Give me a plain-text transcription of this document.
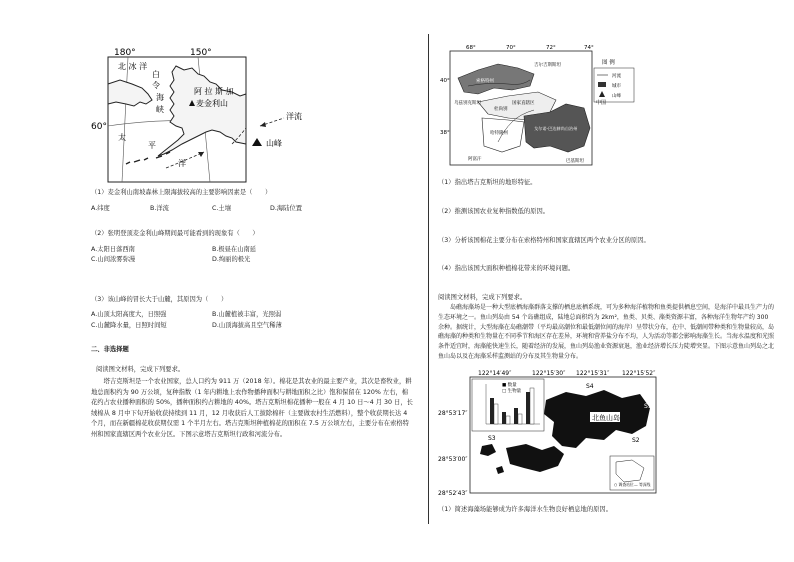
180°	150°
60°
北 冰 洋
白
令
海
峡
阿 拉 斯 加
麦金利山
太
平
洋
洋流
山峰
（1）麦金利山南坡森林上限海拔较高的主要影响因素是（　　）
A.纬度	B.洋流	C.土壤	D.海陆位置
（2）张明登顶麦金利山峰期间最可能看到的现象有（　　）
A.太阳日落西南	B.极昼在山南延
C.山间浓雾弥漫	D.绚丽的极光
（3）该山峰的冒长大于山麓，其原因为（　　）
A.山顶太阳高度大，日照强	B.山麓植被丰富，光照弱
C.山麓降水量，日照时间短	D.山顶海拔高且空气稀薄
二、非选择题
阅读图文材料，完成下列要求。
塔吉克斯坦是一个农业国家，总人口约为 911 万（2018 年）。棉花是其农业的最主要产业，其次是畜牧业，耕地总面积约为 90 万公顷，复种指数（1 年内耕地上农作物播种面积与耕地面积之比）饱和保留在 120% 左右，棉花约占农业播种面积的 50%，播种面积约占耕地的 40%。塔吉克斯坦棉花播种一般在 4 月 10 日～4 月 30 日，长绒棉从 8 月中下旬开始收获持续到 11 月，12 月收获后人工拔除棉秆（主要做农村生活燃料），整个收获期长达 4 个月，而在新疆棉花收获期仅需 1 个半月左右。塔吉克斯坦种植棉花的面积在 7.5 万公顷左右，主要分布在索格特州和国家直辖区两个农业分区。下图示意塔吉克斯坦行政和河流分布。
68°	70°	72°	74°
40°
38°
索格特州
乌兹别克斯坦
吉尔吉斯斯坦
国家直辖区
杜尚别
哈特隆州
戈尔诺-巴达赫尚自治州
中国
阿富汗	巴基斯坦
图 例
河流
城市
山峰
（1）指出塔吉克斯坦的地形特征。
（2）推测该国农业复种指数低的原因。
（3）分析该国棉花主要分布在索格特州和国家直辖区两个农业分区的原因。
（4）指出该国大面积种植棉花带来的环境问题。
阅读图文材料，完成下列要求。
岛礁海藻场是一种大型底栖海藻群落支撑的栖息底栖系统，可为多种海洋植物和鱼类提供栖息空间，是海洋中最具生产力的生态环境之一。鱼山列岛由 54 个岛礁组成，陆地总面积约为 2km²，鱼类、贝类、藻类资源丰富，各种海洋生物年产约 300 余种。据统计，大型海藻在岛礁潮带（平均最高潮位和最低潮位间的海岸）呈带状分布，在中、低潮间带种类和生物量较高，岛礁海藻的种类和生物量在不同季节和海区存在差异，环境和营养盐分布不均，人为活动等都会影响海藻生长。当海水温度和光照条件适宜时，海藻能快速生长，随着经济的发展，鱼山列岛渔业资源衰退，渔业经济增长压力陡增突显。下图示意鱼山列岛之北鱼山岛以及在海藻采样监测站的分布及其生物量分布。
122°14′49″	122°15′30″ 122°15′31″ 122°15′52″
28°53′17″
28°53′00″
28°52′43″
■ 数量
□ 生物量
北鱼山岛
S1
S2
S3
S4
○ 调查站位 — 等深线
（1）简述海藻场能够成为许多海洋水生物良好栖息地的原因。
